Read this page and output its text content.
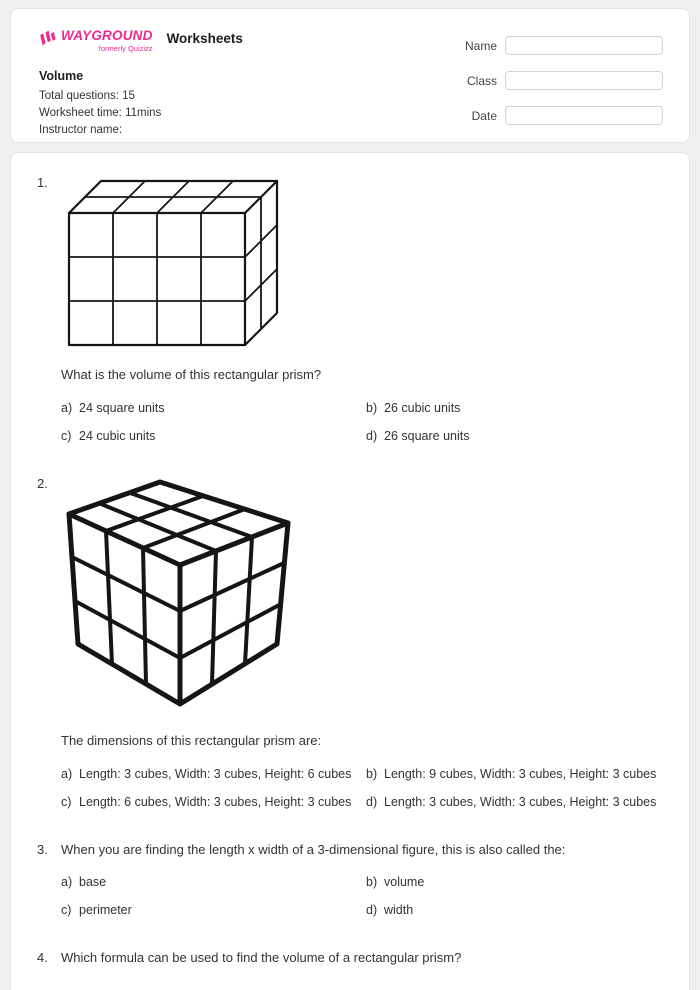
WAYGROUND
formerly Quizizz
Worksheets
Volume
Total questions: 15
Worksheet time: 11mins
Instructor name:
Name
Class
Date
1.
What is the volume of this rectangular prism?
a) 24 square units	b) 26 cubic units
c) 24 cubic units	d) 26 square units
2.
The dimensions of this rectangular prism are:
a) Length: 3 cubes, Width: 3 cubes, Height: 6 cubes	b) Length: 9 cubes, Width: 3 cubes, Height: 3 cubes
c) Length: 6 cubes, Width: 3 cubes, Height: 3 cubes	d) Length: 3 cubes, Width: 3 cubes, Height: 3 cubes
3.	When you are finding the length x width of a 3-dimensional figure, this is also called the:
a) base	b) volume
c) perimeter	d) width
4.	Which formula can be used to find the volume of a rectangular prism?
